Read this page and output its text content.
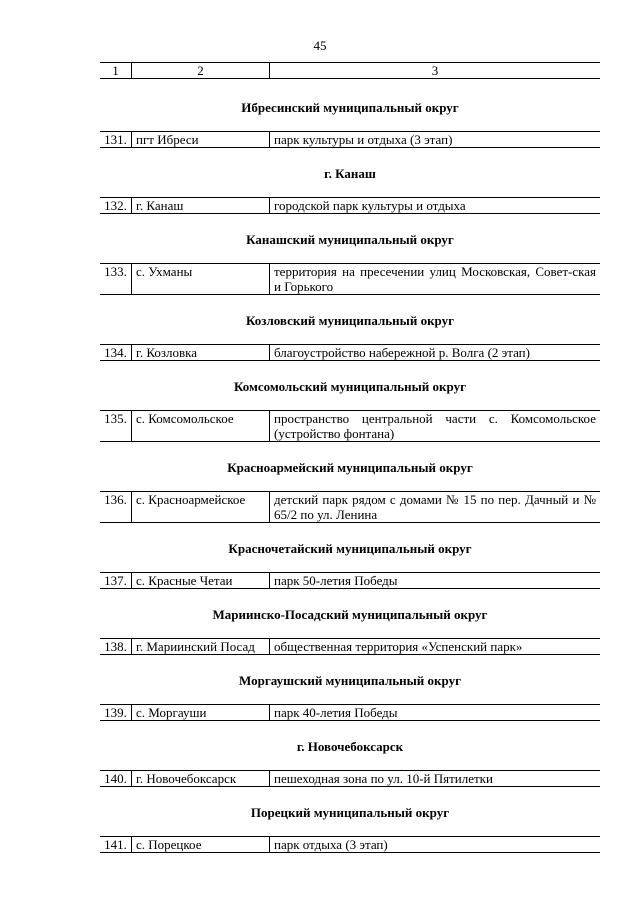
45
1	2	3
Ибресинский муниципальный округ
131. пгт Ибреси	парк культуры и отдыха (3 этап)
г. Канаш
132. г. Канаш	городской парк культуры и отдыха
Канашский муниципальный округ
133. с. Ухманы	территория на пресечении улиц Московская, Совет-ская и Горького
Козловский муниципальный округ
134. г. Козловка	благоустройство набережной р. Волга (2 этап)
Комсомольский муниципальный округ
135. с. Комсомольское	пространство центральной части с. Комсомольское (устройство фонтана)
Красноармейский муниципальный округ
136. с. Красноармейское	детский парк рядом с домами № 15 по пер. Дачный и № 65/2 по ул. Ленина
Красночетайский муниципальный округ
137. с. Красные Четаи	парк 50-летия Победы
Мариинско-Посадский муниципальный округ
138. г. Мариинский Посад	общественная территория «Успенский парк»
Моргаушский муниципальный округ
139. с. Моргауши	парк 40-летия Победы
г. Новочебоксарск
140. г. Новочебоксарск	пешеходная зона по ул. 10-й Пятилетки
Порецкий муниципальный округ
141. с. Порецкое	парк отдыха (3 этап)
